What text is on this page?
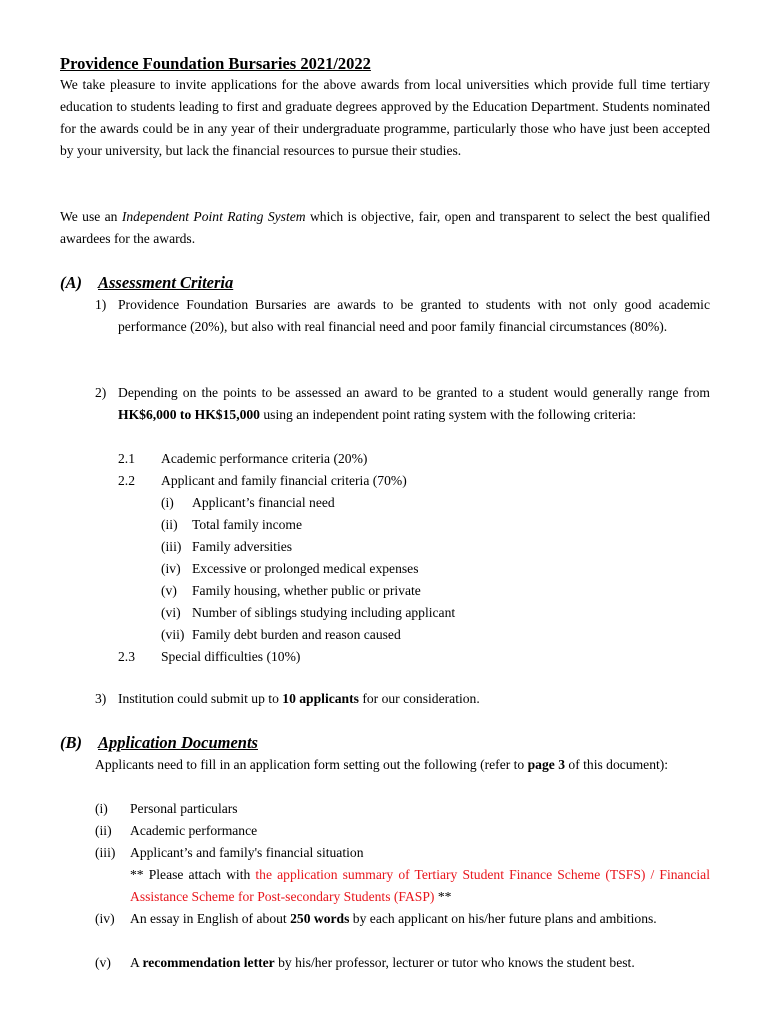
Providence Foundation Bursaries 2021/2022

We take pleasure to invite applications for the above awards from local universities which provide full time tertiary education to students leading to first and graduate degrees approved by the Education Department. Students nominated for the awards could be in any year of their undergraduate programme, particularly those who have just been accepted by your university, but lack the financial resources to pursue their studies.

We use an Independent Point Rating System which is objective, fair, open and transparent to select the best qualified awardees for the awards.

(A) Assessment Criteria
1) Providence Foundation Bursaries are awards to be granted to students with not only good academic performance (20%), but also with real financial need and poor family financial circumstances (80%).
2) Depending on the points to be assessed an award to be granted to a student would generally range from HK$6,000 to HK$15,000 using an independent point rating system with the following criteria:
2.1 Academic performance criteria (20%)
2.2 Applicant and family financial criteria (70%)
(i) Applicant’s financial need
(ii) Total family income
(iii) Family adversities
(iv) Excessive or prolonged medical expenses
(v) Family housing, whether public or private
(vi) Number of siblings studying including applicant
(vii) Family debt burden and reason caused
2.3 Special difficulties (10%)
3) Institution could submit up to 10 applicants for our consideration.
(B) Application Documents
Applicants need to fill in an application form setting out the following (refer to page 3 of this document):
(i) Personal particulars
(ii) Academic performance
(iii) Applicant’s and family's financial situation
** Please attach with the application summary of Tertiary Student Finance Scheme (TSFS) / Financial Assistance Scheme for Post-secondary Students (FASP) **
(iv) An essay in English of about 250 words by each applicant on his/her future plans and ambitions.
(v) A recommendation letter by his/her professor, lecturer or tutor who knows the student best.
